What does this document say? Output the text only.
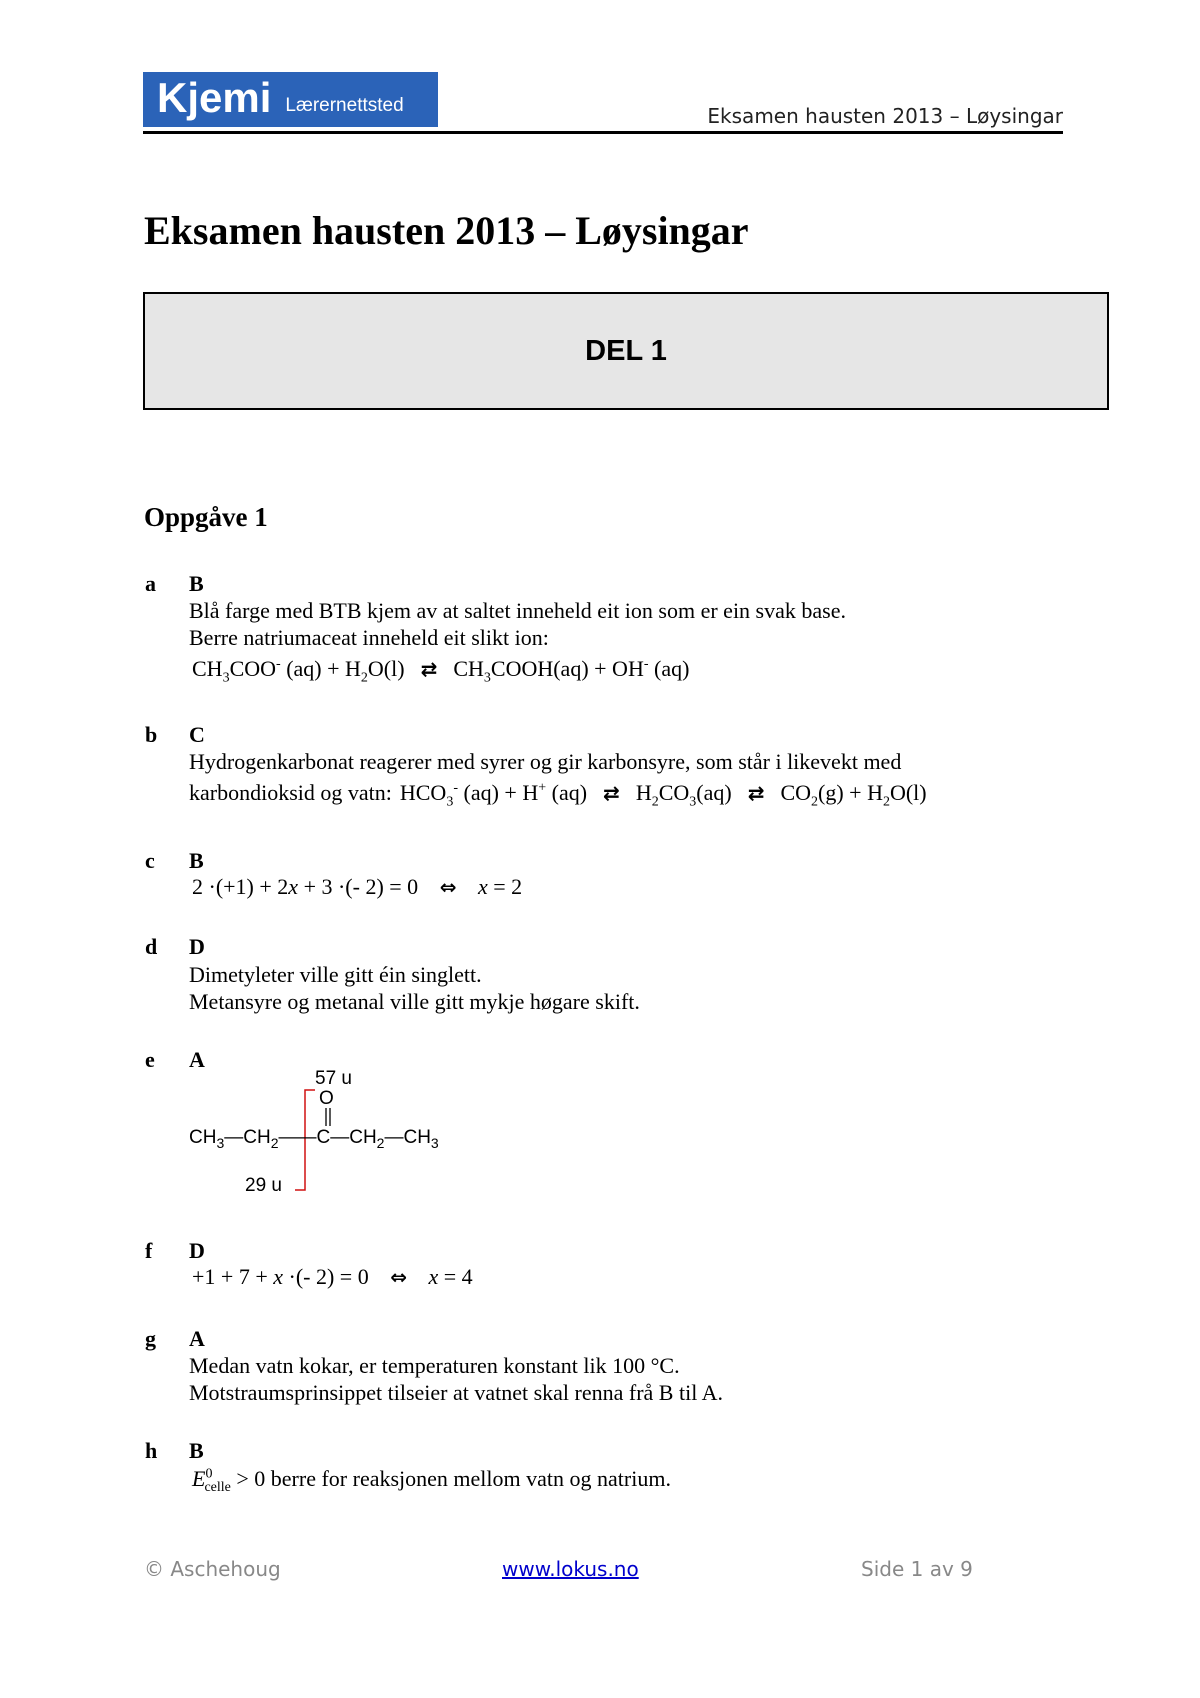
Kjemi Lærernettsted	Eksamen hausten 2013 – Løysingar
Eksamen hausten 2013 – Løysingar
DEL 1
Oppgåve 1
a B
Blå farge med BTB kjem av at saltet inneheld eit ion som er ein svak base.
Berre natriumaceat inneheld eit slikt ion:
$CH_3COO^-$ $(aq) + H_2O(l)$ ⇄ $CH_3COOH(aq) + OH^-$ (aq)
b C
Hydrogenkarbonat reagerer med syrer og gir karbonsyre, som står i likevekt med
karbondioksid og vatn: $HCO_3^-$ (aq) + H+ (aq) ⇄ $H_2CO_3(aq)$ ⇄ $CO_2(g) + H_2O(l)$
c B
2 ·(+1) + 2x + 3 ·(- 2) = 0 ⇔ x = 2
d D
Dimetyleter ville gitt éin singlett.
Metansyre og metanal ville gitt mykje høgare skift.
e A
57 u
O
$CH_3—CH_2——C—CH_2—CH_3$
29 u
f D
+1 + 7 + x ·(- 2) = 0 ⇔ x = 4
g A
Medan vatn kokar, er temperaturen konstant lik 100 °C.
Motstraumsprinsippet tilseier at vatnet skal renna frå B til A.
h B
$E^0_{celle} > 0$ berre for reaksjonen mellom vatn og natrium.
© Aschehoug	www.lokus.no	Side 1 av 9
